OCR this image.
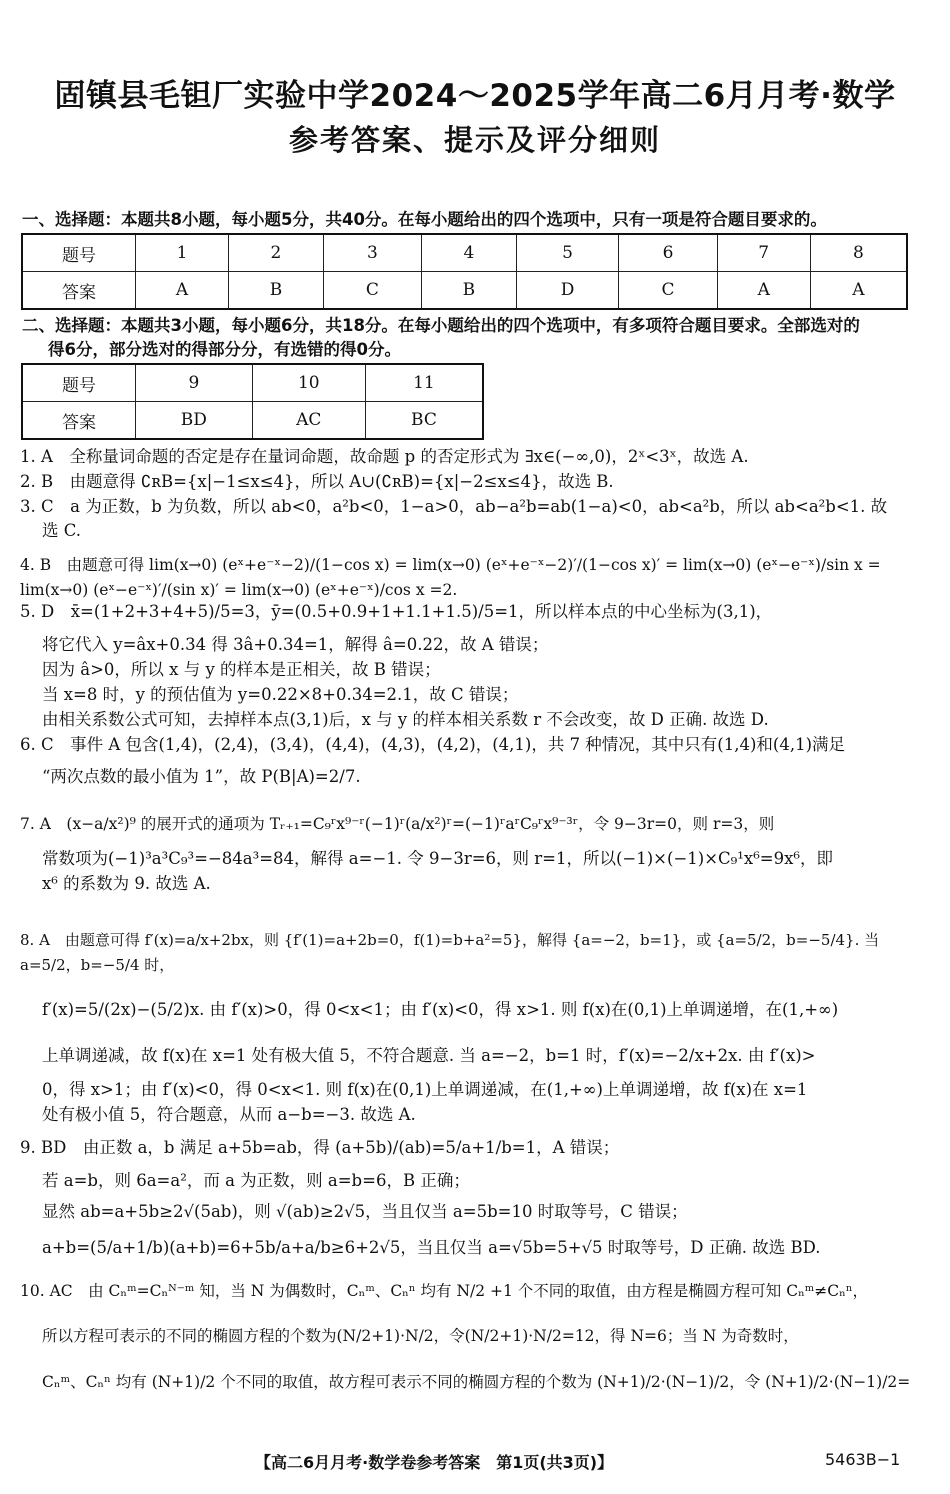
固镇县毛钽厂实验中学2024～2025学年高二6月月考·数学
参考答案、提示及评分细则
一、选择题：本题共8小题，每小题5分，共40分。在每小题给出的四个选项中，只有一项是符合题目要求的。
题号	1	2	3	4	5	6	7	8
答案	A	B	C	B	D	C	A	A
二、选择题：本题共3小题，每小题6分，共18分。在每小题给出的四个选项中，有多项符合题目要求。全部选对的
得6分，部分选对的得部分分，有选错的得0分。
题号	9	10	11
答案	BD	AC	BC
1. A　全称量词命题的否定是存在量词命题，故命题 p 的否定形式为 ∃x∈(−∞,0)，2ˣ<3ˣ，故选 A.
2. B　由题意得 ∁ʀB={x|−1≤x≤4}，所以 A∪(∁ʀB)={x|−2≤x≤4}，故选 B.
3. C　a 为正数，b 为负数，所以 ab<0，a²b<0，1−a>0，ab−a²b=ab(1−a)<0，ab<a²b，所以 ab<a²b<1. 故
选 C.
4. B　由题意可得 lim(x→0) (eˣ+e⁻ˣ−2)/(1−cos x) = lim(x→0) (eˣ+e⁻ˣ−2)′/(1−cos x)′ = lim(x→0) (eˣ−e⁻ˣ)/sin x = lim(x→0) (eˣ−e⁻ˣ)′/(sin x)′ = lim(x→0) (eˣ+e⁻ˣ)/cos x =2.
5. D　x̄=(1+2+3+4+5)/5=3，ȳ=(0.5+0.9+1+1.1+1.5)/5=1，所以样本点的中心坐标为(3,1)，
将它代入 y=âx+0.34 得 3â+0.34=1，解得 â=0.22，故 A 错误；
因为 â>0，所以 x 与 y 的样本是正相关，故 B 错误；
当 x=8 时，y 的预估值为 y=0.22×8+0.34=2.1，故 C 错误；
由相关系数公式可知，去掉样本点(3,1)后，x 与 y 的样本相关系数 r 不会改变，故 D 正确. 故选 D.
6. C　事件 A 包含(1,4)，(2,4)，(3,4)，(4,4)，(4,3)，(4,2)，(4,1)，共 7 种情况，其中只有(1,4)和(4,1)满足
“两次点数的最小值为 1”，故 P(B|A)=2/7.
7. A　(x−a/x²)⁹ 的展开式的通项为 Tᵣ₊₁=C₉ʳx⁹⁻ʳ(−1)ʳ(a/x²)ʳ=(−1)ʳaʳC₉ʳx⁹⁻³ʳ，令 9−3r=0，则 r=3，则
常数项为(−1)³a³C₉³=−84a³=84，解得 a=−1. 令 9−3r=6，则 r=1，所以(−1)×(−1)×C₉¹x⁶=9x⁶，即
x⁶ 的系数为 9. 故选 A.
8. A　由题意可得 f′(x)=a/x+2bx，则 {f′(1)=a+2b=0，f(1)=b+a²=5}，解得 {a=−2，b=1}，或 {a=5/2，b=−5/4}. 当 a=5/2，b=−5/4 时，
f′(x)=5/(2x)−(5/2)x. 由 f′(x)>0，得 0<x<1；由 f′(x)<0，得 x>1. 则 f(x)在(0,1)上单调递增，在(1,+∞)
上单调递减，故 f(x)在 x=1 处有极大值 5，不符合题意. 当 a=−2，b=1 时，f′(x)=−2/x+2x. 由 f′(x)>
0，得 x>1；由 f′(x)<0，得 0<x<1. 则 f(x)在(0,1)上单调递减，在(1,+∞)上单调递增，故 f(x)在 x=1
处有极小值 5，符合题意，从而 a−b=−3. 故选 A.
9. BD　由正数 a，b 满足 a+5b=ab，得 (a+5b)/(ab)=5/a+1/b=1，A 错误；
若 a=b，则 6a=a²，而 a 为正数，则 a=b=6，B 正确；
显然 ab=a+5b≥2√(5ab)，则 √(ab)≥2√5，当且仅当 a=5b=10 时取等号，C 错误；
a+b=(5/a+1/b)(a+b)=6+5b/a+a/b≥6+2√5，当且仅当 a=√5b=5+√5 时取等号，D 正确. 故选 BD.
10. AC　由 Cₙᵐ=Cₙᴺ⁻ᵐ 知，当 N 为偶数时，Cₙᵐ、Cₙⁿ 均有 N/2 +1 个不同的取值，由方程是椭圆方程可知 Cₙᵐ≠Cₙⁿ，
所以方程可表示的不同的椭圆方程的个数为(N/2+1)·N/2，令(N/2+1)·N/2=12，得 N=6；当 N 为奇数时，
Cₙᵐ、Cₙⁿ 均有 (N+1)/2 个不同的取值，故方程可表示不同的椭圆方程的个数为 (N+1)/2·(N−1)/2，令 (N+1)/2·(N−1)/2=
【高二6月月考·数学卷参考答案　第1页(共3页)】	5463B−1
